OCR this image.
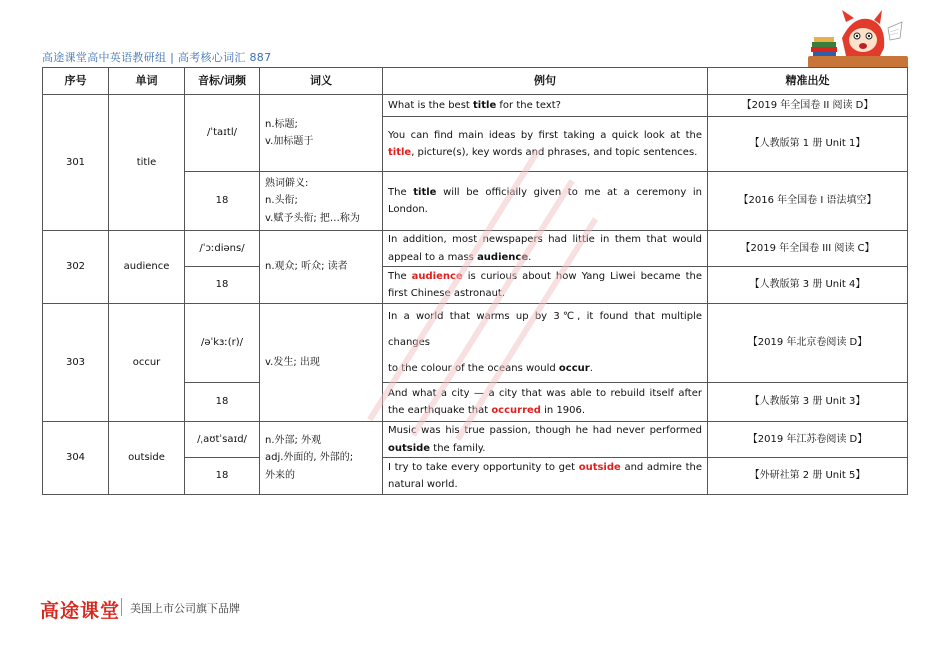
高途课堂高中英语教研组 | 高考核心词汇 887
序号	单词	音标/词频	词义	例句	精准出处
301	title	/ˈtaɪtl/	n.标题;
v.加标题于	What is the best title for the text?	【2019 年全国卷 II 阅读 D】
				You can find main ideas by first taking a quick look at the title, picture(s), key words and phrases, and topic sentences.	【人教版第 1 册 Unit 1】
		18	熟词僻义:
n.头衔;
v.赋予头衔; 把…称为	The title will be officially given to me at a ceremony in London.	【2016 年全国卷 I 语法填空】
302	audience	/ˈɔːdiəns/	n.观众; 听众; 读者	In addition, most newspapers had little in them that would appeal to a mass audience.	【2019 年全国卷 III 阅读 C】
		18		The audience is curious about how Yang Liwei became the first Chinese astronaut.	【人教版第 3 册 Unit 4】
303	occur	/əˈkɜː(r)/	v.发生; 出现	In a world that warms up by 3℃, it found that multiple changes
to the colour of the oceans would occur.	【2019 年北京卷阅读 D】
		18		And what a city — a city that was able to rebuild itself after the earthquake that occurred in 1906.	【人教版第 3 册 Unit 3】
304	outside	/ˌaʊtˈsaɪd/	n.外部; 外观
adj.外面的, 外部的;
外来的	Music was his true passion, though he had never performed outside the family.	【2019 年江苏卷阅读 D】
		18		I try to take every opportunity to get outside and admire the natural world.	【外研社第 2 册 Unit 5】
高途课堂 美国上市公司旗下品牌
